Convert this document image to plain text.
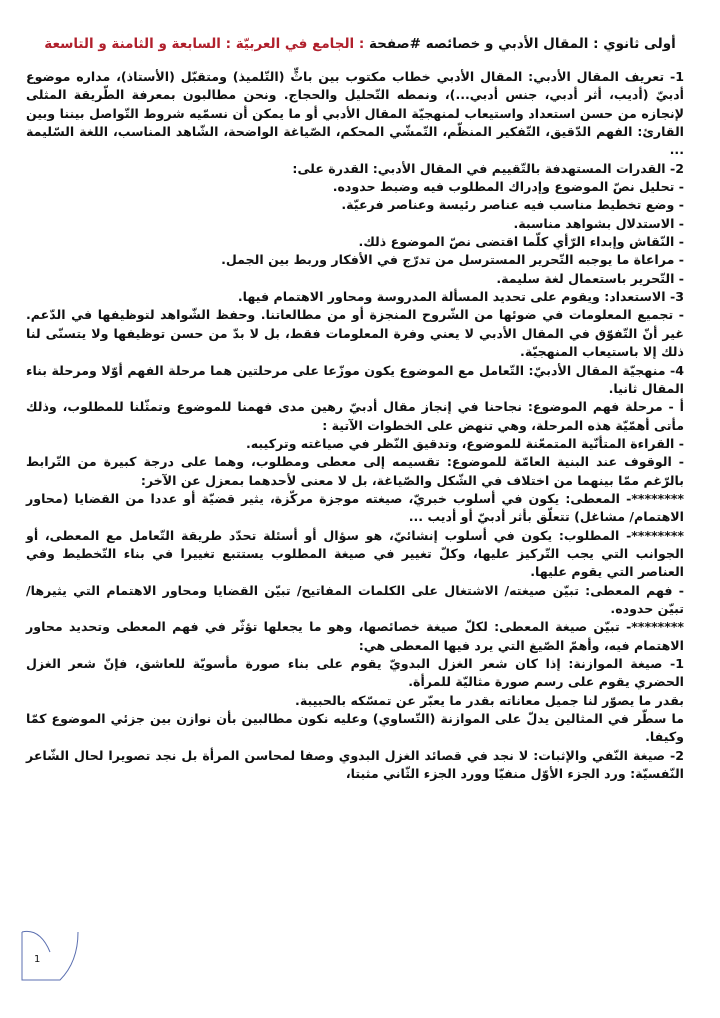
أولى ثانوي : المقال الأدبي و خصائصه #صفحة : الجامع في العربيّة : السابعة و الثامنة و التاسعة

1- تعريف المقال الأدبي: المقال الأدبي خطاب مكتوب بين باثٍّ (التّلميذ) ومتقبّل (الأستاذ)، مداره موضوع أدبيّ (أديب، أثر أدبي، جنس أدبي...)، ونمطه التّحليل والحجاج. ونحن مطالبون بمعرفة الطّريقة المثلى لإنجازه من حسن استعداد واستيعاب لمنهجيّة المقال الأدبي أو ما يمكن أن نسمّيه شروط التّواصل بيننا وبين القارئ: الفهم الدّقيق، التّفكير المنظّم، التّمشّي المحكم، الصّياغة الواضحة، الشّاهد المناسب، اللغة السّليمة ...

2- القدرات المستهدفة بالتّقييم في المقال الأدبي: القدرة على:

- تحليل نصّ الموضوع وإدراك المطلوب فيه وضبط حدوده.

- وضع تخطيط مناسب فيه عناصر رئيسة وعناصر فرعيّة.

- الاستدلال بشواهد مناسبة.

- النّقاش وإبداء الرّأي كلّما اقتضى نصّ الموضوع ذلك.

- مراعاة ما يوجبه التّحرير المسترسل من تدرّج في الأفكار وربط بين الجمل.

- التّحرير باستعمال لغة سليمة.

3- الاستعداد: ويقوم على تحديد المسألة المدروسة ومحاور الاهتمام فيها.

- تجميع المعلومات في ضوئها من الشّروح المنجزة أو من مطالعاتنا. وحفظ الشّواهد لتوظيفها في الدّعم. غير أنّ التّفوّق في المقال الأدبي لا يعني وفرة المعلومات فقط، بل لا بدّ من حسن توظيفها ولا يتسنّى لنا ذلك إلا باستيعاب المنهجيّة.

4- منهجيّة المقال الأدبيّ: التّعامل مع الموضوع يكون موزّعا على مرحلتين هما مرحلة الفهم أوّلا ومرحلة بناء المقال ثانيا.

أ - مرحلة فهم الموضوع: نجاحنا في إنجاز مقال أدبيّ رهين مدى فهمنا للموضوع وتمثّلنا للمطلوب، وذلك مأتى أهمّيّة هذه المرحلة، وهي تنهض على الخطوات الآتية :

- القراءة المتأنّية المتمعّنة للموضوع، وتدقيق النّظر في صياغته وتركيبه.

- الوقوف عند البنية العامّة للموضوع: تقسيمه إلى معطى ومطلوب، وهما على درجة كبيرة من التّرابط بالرّغم ممّا بينهما من اختلاف في الشّكل والصّياغة، بل لا معنى لأحدهما بمعزل عن الآخر:

********- المعطى: يكون في أسلوب خبريّ، صيغته موجزة مركّزة، يثير قضيّة أو عددا من القضايا (محاور الاهتمام/ مشاغل) تتعلّق بأثر أدبيّ أو أديب ...

********- المطلوب: يكون في أسلوب إنشائيّ، هو سؤال أو أسئلة تحدّد طريقة التّعامل مع المعطى، أو الجوانب التي يجب التّركيز عليها، وكلّ تغيير في صيغة المطلوب يستتبع تغييرا في بناء التّخطيط وفي العناصر التي يقوم عليها.

- فهم المعطى: تبيّن صيغته/ الاشتغال على الكلمات المفاتيح/ تبيّن القضايا ومحاور الاهتمام التي يثيرها/ تبيّن حدوده.

********- تبيّن صيغة المعطى: لكلّ صيغة خصائصها، وهو ما يجعلها تؤثّر في فهم المعطى وتحديد محاور الاهتمام فيه، وأهمّ الصّيغ التي يرد فيها المعطى هي:

1- صيغة الموازنة: إذا كان شعر الغزل البدويّ يقوم على بناء صورة مأسويّة للعاشق، فإنّ شعر الغزل الحضري يقوم على رسم صورة مثاليّة للمرأة.

بقدر ما يصوّر لنا جميل معاناته بقدر ما يعبّر عن تمسّكه بالحبيبة.

ما سطّر في المثالين يدلّ على الموازنة (التّساوي) وعليه نكون مطالبين بأن نوازن بين جزئي الموضوع كمّا وكيفا.

2- صيغة النّفي والإثبات: لا نجد في قصائد الغزل البدوي وصفا لمحاسن المرأة بل نجد تصويرا لحال الشّاعر النّفسيّة: ورد الجزء الأوّل منفيّا وورد الجزء الثّاني مثبتا،

1
